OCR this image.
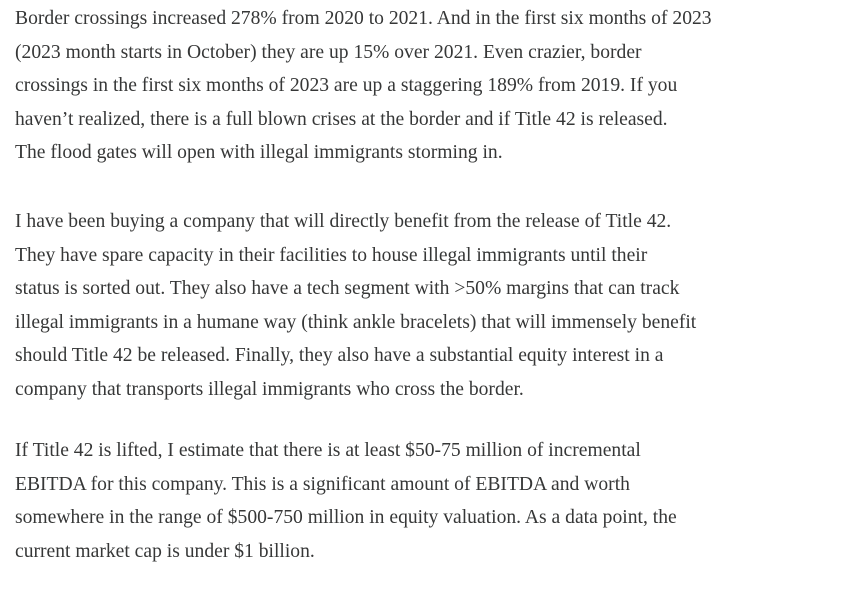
Border crossings increased 278% from 2020 to 2021. And in the first six months of 2023
(2023 month starts in October) they are up 15% over 2021. Even crazier, border
crossings in the first six months of 2023 are up a staggering 189% from 2019. If you
haven’t realized, there is a full blown crises at the border and if Title 42 is released.
The flood gates will open with illegal immigrants storming in.

I have been buying a company that will directly benefit from the release of Title 42.
They have spare capacity in their facilities to house illegal immigrants until their
status is sorted out. They also have a tech segment with >50% margins that can track
illegal immigrants in a humane way (think ankle bracelets) that will immensely benefit
should Title 42 be released. Finally, they also have a substantial equity interest in a
company that transports illegal immigrants who cross the border.

If Title 42 is lifted, I estimate that there is at least $50-75 million of incremental
EBITDA for this company. This is a significant amount of EBITDA and worth
somewhere in the range of $500-750 million in equity valuation. As a data point, the
current market cap is under $1 billion.
